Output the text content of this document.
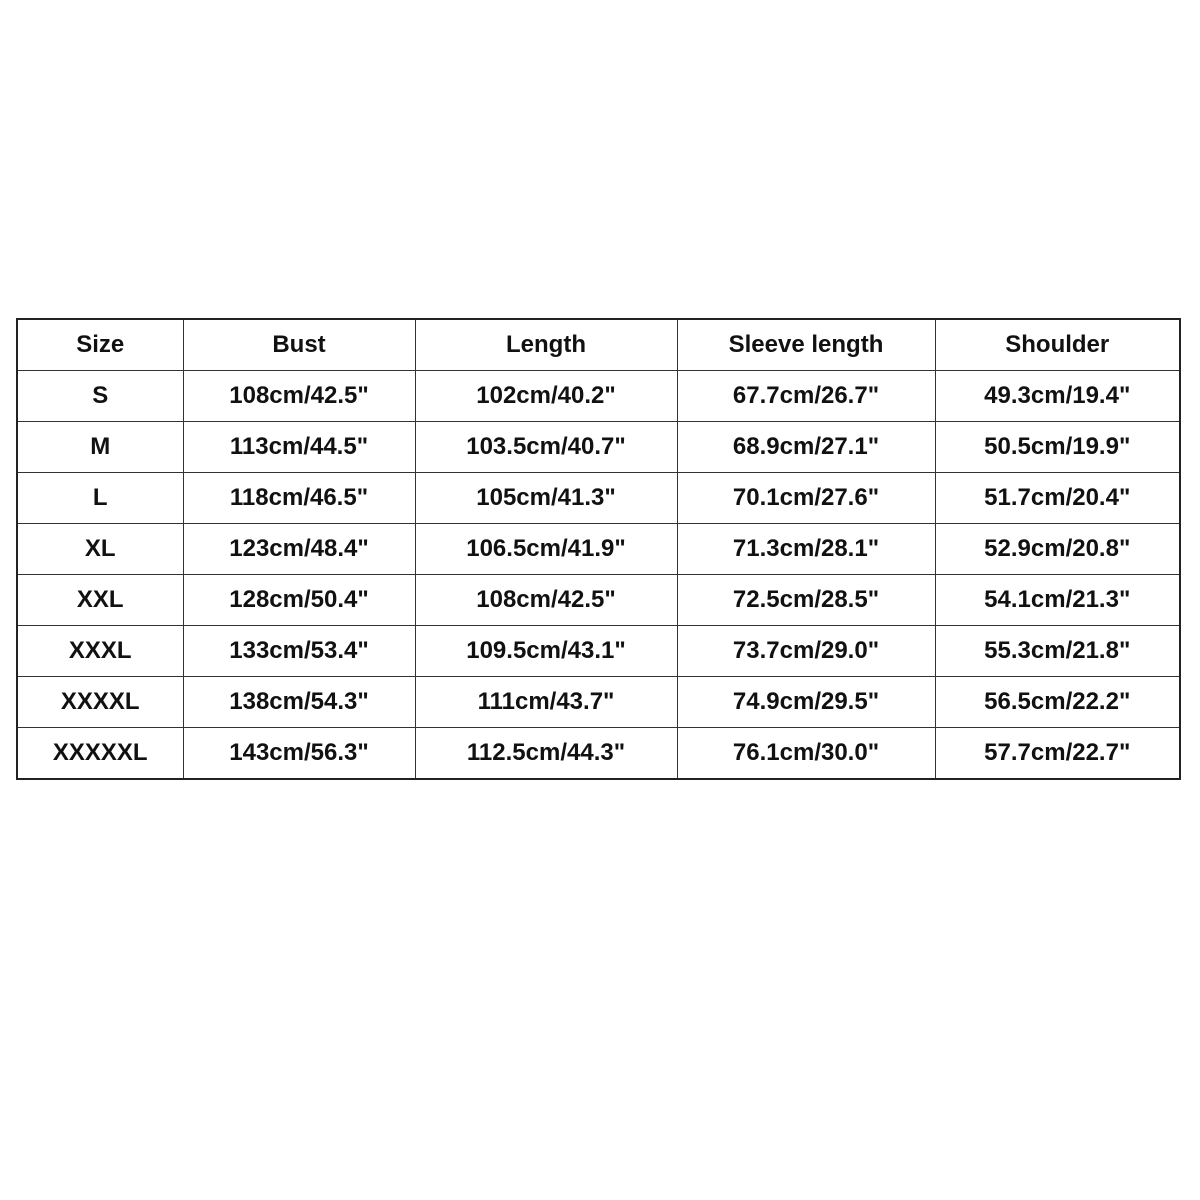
Size	Bust	Length	Sleeve length	Shoulder
S	108cm/42.5"	102cm/40.2"	67.7cm/26.7"	49.3cm/19.4"
M	113cm/44.5"	103.5cm/40.7"	68.9cm/27.1"	50.5cm/19.9"
L	118cm/46.5"	105cm/41.3"	70.1cm/27.6"	51.7cm/20.4"
XL	123cm/48.4"	106.5cm/41.9"	71.3cm/28.1"	52.9cm/20.8"
XXL	128cm/50.4"	108cm/42.5"	72.5cm/28.5"	54.1cm/21.3"
XXXL	133cm/53.4"	109.5cm/43.1"	73.7cm/29.0"	55.3cm/21.8"
XXXXL	138cm/54.3"	111cm/43.7"	74.9cm/29.5"	56.5cm/22.2"
XXXXXL	143cm/56.3"	112.5cm/44.3"	76.1cm/30.0"	57.7cm/22.7"
